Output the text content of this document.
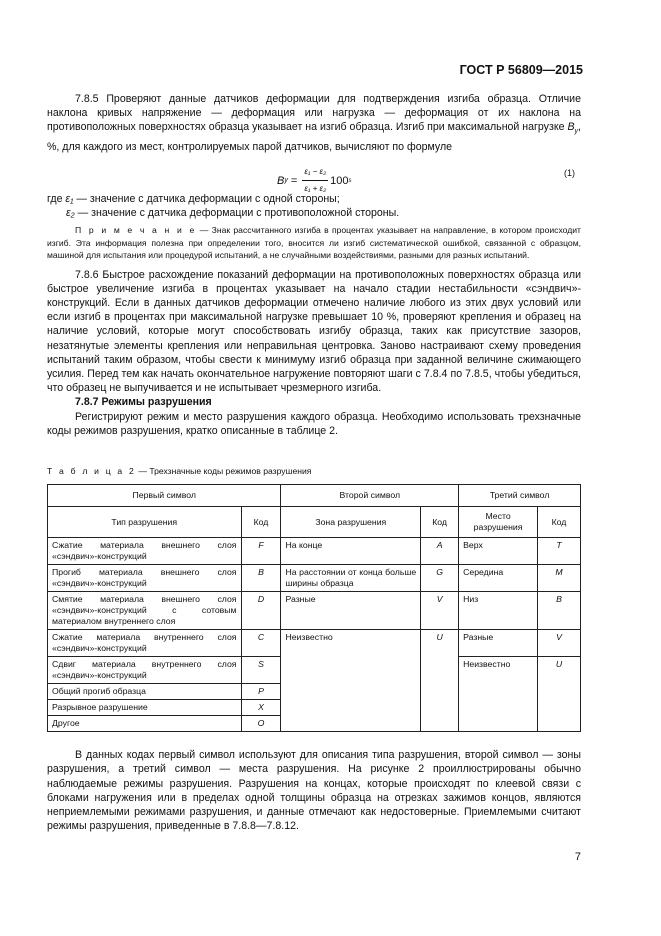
ГОСТ Р 56809—2015

7.8.5 Проверяют данные датчиков деформации для подтверждения изгиба образца. Отличие наклона кривых напряжение — деформация или нагрузка — деформация от их наклона на противоположных поверхностях образца указывает на изгиб образца. Изгиб при максимальной нагрузке $B_y$, %, для каждого из мест, контролируемых парой датчиков, вычисляют по формуле

B $y = \frac{\text{ε₁ − ε₂}}{\text{ε₁ + ε₂}} 100$ s
(1)
где ε₁ — значение с датчика деформации с одной стороны;
ε₂ — значение с датчика деформации с противоположной стороны.

П р и м е ч а н и е — Знак рассчитанного изгиба в процентах указывает на направление, в котором происходит изгиб. Эта информация полезна при определении того, вносится ли изгиб систематической ошибкой, связанной с образцом, машиной для испытания или процедурой испытаний, а не случайными воздействиями, разными для разных испытаний.

7.8.6 Быстрое расхождение показаний деформации на противоположных поверхностях образца или быстрое увеличение изгиба в процентах указывает на начало стадии нестабильности «сэндвич»-конструкций. Если в данных датчиков деформации отмечено наличие любого из этих двух условий или если изгиб в процентах при максимальной нагрузке превышает 10 %, проверяют крепления и образец на наличие условий, которые могут способствовать изгибу образца, таких как присутствие зазоров, незатянутые элементы крепления или неправильная центровка. Заново настраивают схему проведения испытаний таким образом, чтобы свести к минимуму изгиб образца при заданной величине сжимающего усилия. Перед тем как начать окончательное нагружение повторяют шаги с 7.8.4 по 7.8.5, чтобы убедиться, что образец не выпучивается и не испытывает чрезмерного изгиба.

7.8.7 Режимы разрушения

Регистрируют режим и место разрушения каждого образца. Необходимо использовать трехзначные коды режимов разрушения, кратко описанные в таблице 2.

Т а б л и ц а 2 — Трехзначные коды режимов разрушения
Первый символ		Второй символ		Третий символ	
Тип разрушения	Код	Зона разрушения	Код	Место разрушения	Код
Сжатие материала внешнего слоя «сэндвич»-конструкций	F	На конце	A	Верх	T
Прогиб материала внешнего слоя «сэндвич»-конструкций	B	На расстоянии от конца больше ширины образца	G	Середина	M
Смятие материала внешнего слоя «сэндвич»-конструкций с сотовым материалом внутреннего слоя	D	Разные	V	Низ	B
Сжатие материала внутреннего слоя «сэндвич»-конструкций	C	Неизвестно	U	Разные	V
Сдвиг материала внутреннего слоя «сэндвич»-конструкций	S			Неизвестно	U
Общий прогиб образца	P				
Разрывное разрушение	X				
Другое	O				

В данных кодах первый символ используют для описания типа разрушения, второй символ — зоны разрушения, а третий символ — места разрушения. На рисунке 2 проиллюстрированы обычно наблюдаемые режимы разрушения. Разрушения на концах, которые происходят по клеевой связи с блоками нагружения или в пределах одной толщины образца на отрезках зажимов концов, являются неприемлемыми режимами разрушения, и данные отмечают как недостоверные. Приемлемыми считают режимы разрушения, приведенные в 7.8.8—7.8.12.

7
